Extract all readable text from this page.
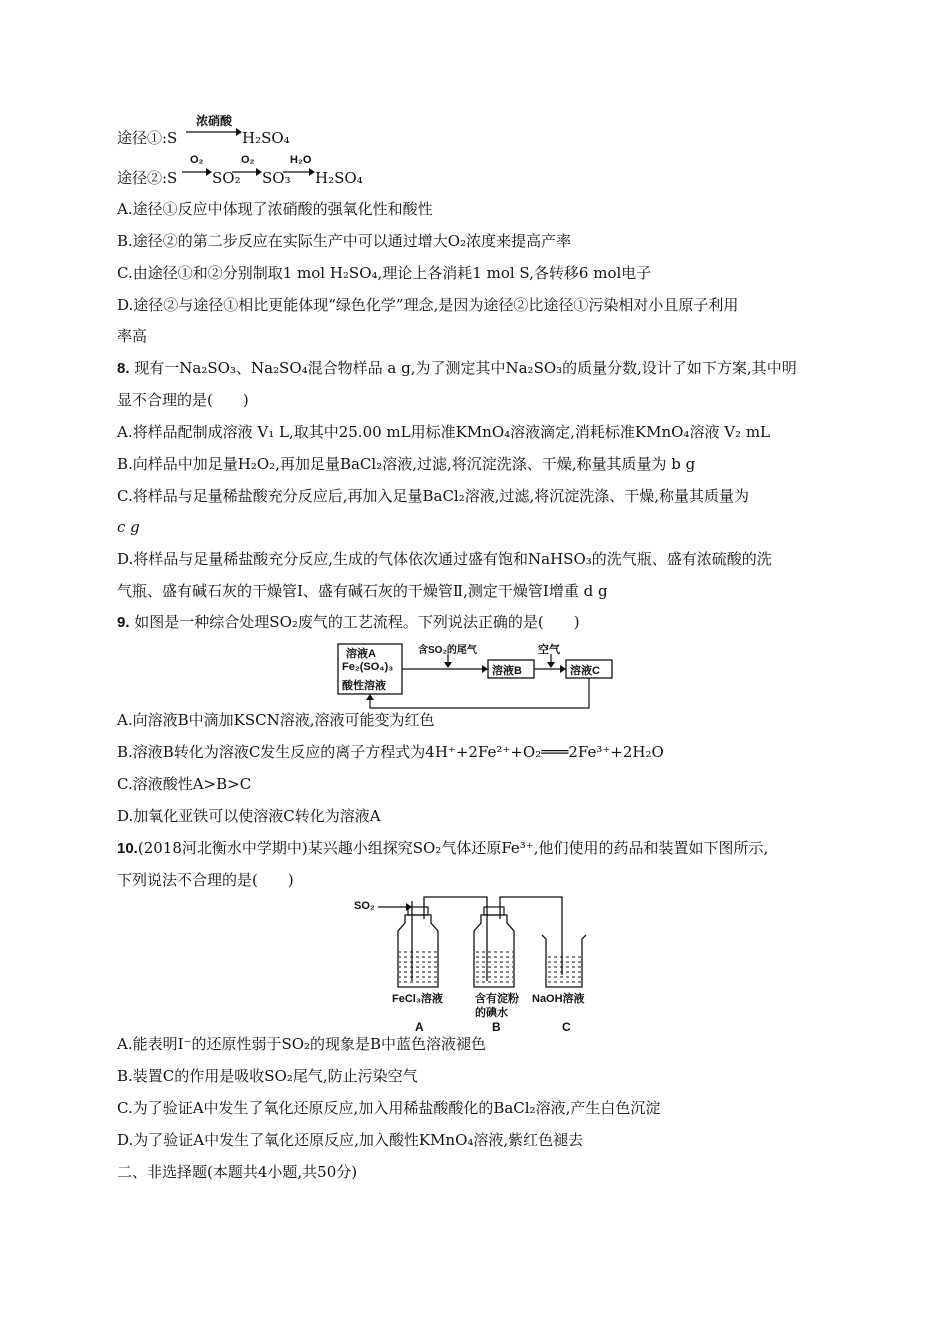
途径①:S
浓硝酸
H₂SO₄
途径②:S
O₂
SO₂
O₂
SO₃
H₂O
H₂SO₄
A.途径①反应中体现了浓硝酸的强氧化性和酸性
B.途径②的第二步反应在实际生产中可以通过增大O₂浓度来提高产率
C.由途径①和②分别制取1 mol H₂SO₄,理论上各消耗1 mol S,各转移6 mol电子
D.途径②与途径①相比更能体现“绿色化学”理念,是因为途径②比途径①污染相对小且原子利用
率高
8. 现有一Na₂SO₃、Na₂SO₄混合物样品 a g,为了测定其中Na₂SO₃的质量分数,设计了如下方案,其中明
显不合理的是(　　)
A.将样品配制成溶液 V₁ L,取其中25.00 mL用标准KMnO₄溶液滴定,消耗标准KMnO₄溶液 V₂ mL
B.向样品中加足量H₂O₂,再加足量BaCl₂溶液,过滤,将沉淀洗涤、干燥,称量其质量为 b g
C.将样品与足量稀盐酸充分反应后,再加入足量BaCl₂溶液,过滤,将沉淀洗涤、干燥,称量其质量为
c g
D.将样品与足量稀盐酸充分反应,生成的气体依次通过盛有饱和NaHSO₃的洗气瓶、盛有浓硫酸的洗
气瓶、盛有碱石灰的干燥管Ⅰ、盛有碱石灰的干燥管Ⅱ,测定干燥管Ⅰ增重 d g
9. 如图是一种综合处理SO₂废气的工艺流程。下列说法正确的是(　　)
溶液A
Fe₂(SO₄)₃
酸性溶液
含SO₂的尾气
溶液B
空气
溶液C
A.向溶液B中滴加KSCN溶液,溶液可能变为红色
B.溶液B转化为溶液C发生反应的离子方程式为4H⁺+2Fe²⁺+O₂═══2Fe³⁺+2H₂O
C.溶液酸性A>B>C
D.加氧化亚铁可以使溶液C转化为溶液A
10.(2018河北衡水中学期中)某兴趣小组探究SO₂气体还原Fe³⁺,他们使用的药品和装置如下图所示,
下列说法不合理的是(　　)
SO₂
FeCl₃溶液	含有淀粉
的碘水
NaOH溶液
A	B	C
A.能表明I⁻的还原性弱于SO₂的现象是B中蓝色溶液褪色
B.装置C的作用是吸收SO₂尾气,防止污染空气
C.为了验证A中发生了氧化还原反应,加入用稀盐酸酸化的BaCl₂溶液,产生白色沉淀
D.为了验证A中发生了氧化还原反应,加入酸性KMnO₄溶液,紫红色褪去
二、非选择题(本题共4小题,共50分)
